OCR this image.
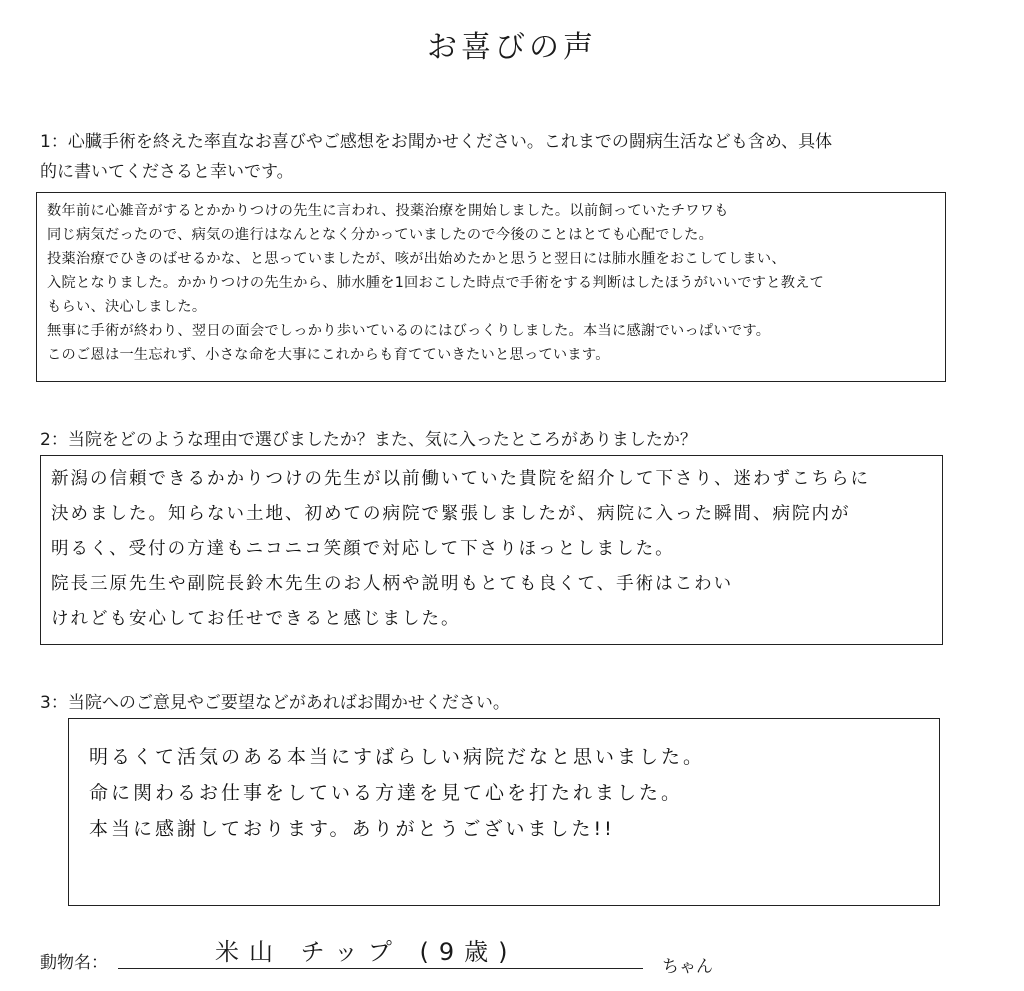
お喜びの声
1：心臓手術を終えた率直なお喜びやご感想をお聞かせください。これまでの闘病生活なども含め、具体
的に書いてくださると幸いです。
数年前に心雑音がするとかかりつけの先生に言われ、投薬治療を開始しました。以前飼っていたチワワも
同じ病気だったので、病気の進行はなんとなく分かっていましたので今後のことはとても心配でした。
投薬治療でひきのばせるかな、と思っていましたが、咳が出始めたかと思うと翌日には肺水腫をおこしてしまい、
入院となりました。かかりつけの先生から、肺水腫を1回おこした時点で手術をする判断はしたほうがいいですと教えて
もらい、決心しました。
無事に手術が終わり、翌日の面会でしっかり歩いているのにはびっくりしました。本当に感謝でいっぱいです。
このご恩は一生忘れず、小さな命を大事にこれからも育てていきたいと思っています。
2：当院をどのような理由で選びましたか？また、気に入ったところがありましたか？
新潟の信頼できるかかりつけの先生が以前働いていた貴院を紹介して下さり、迷わずこちらに
決めました。知らない土地、初めての病院で緊張しましたが、病院に入った瞬間、病院内が
明るく、受付の方達もニコニコ笑顔で対応して下さりほっとしました。
院長三原先生や副院長鈴木先生のお人柄や説明もとても良くて、手術はこわい
けれども安心してお任せできると感じました。
3：当院へのご意見やご要望などがあればお聞かせください。
明るくて活気のある本当にすばらしい病院だなと思いました。
命に関わるお仕事をしている方達を見て心を打たれました。
本当に感謝しております。ありがとうございました!!
動物名：	米山 チップ (9歳)
ちゃん
